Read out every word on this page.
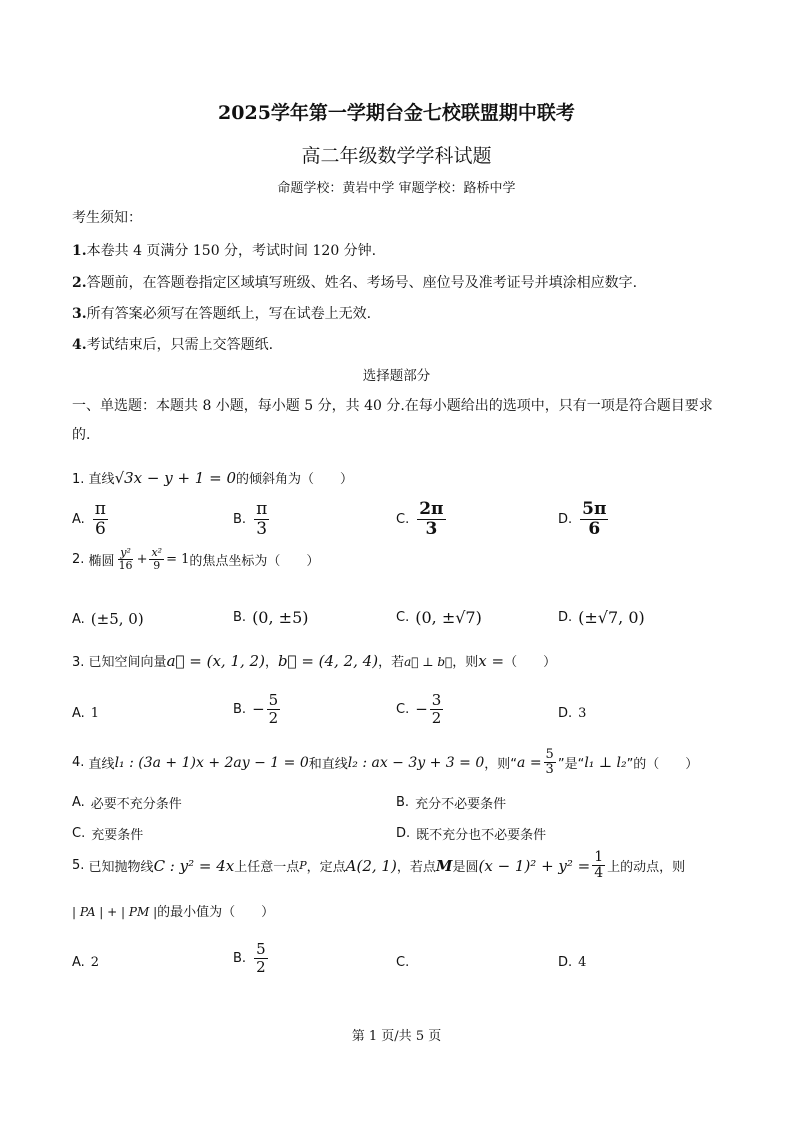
2025学年第一学期台金七校联盟期中联考
高二年级数学学科试题
命题学校：黄岩中学 审题学校：路桥中学
考生须知：
1.本卷共 4 页满分 150 分，考试时间 120 分钟.
2.答题前，在答题卷指定区域填写班级、姓名、考场号、座位号及准考证号并填涂相应数字.
3.所有答案必须写在答题纸上，写在试卷上无效.
4.考试结束后，只需上交答题纸.
选择题部分
一、单选题：本题共 8 小题，每小题 5 分，共 40 分.在每小题给出的选项中，只有一项是符合题目要求的.
1. 直线√3x − y + 1 = 0的倾斜角为（　　）
A. $\frac{\pi}{6}$	B. $\frac{\pi}{3}$	C. $\frac{2\pi}{3}$	D. $\frac{5\pi}{6}$
2.
椭圆 $\frac{\text{y²}}{16} + \frac{\text{x²}}{9} = 1$ 的焦点坐标为（　　）
A. (±5, 0)	B. (0, ±5)	C. (0, ±√7)	D. (±√7, 0)
3. 已知空间向量a⃗ = (x, 1, 2)，b⃗ = (4, 2, 4)，若a⃗ ⊥ b⃗，则x =（　　）
A. 1	B. − $\frac{5}{2}$	C. − $\frac{3}{2}$	D. 3
4.
直线 l₁ : (3a + 1)x + 2ay − 1 = 0 和直线 l₂ : ax − 3y + 3 = 0 ，则“ $a = \frac{5}{3}$ ”是“ l₁ ⊥ l₂ ”的（　　）
A. 必要不充分条件	B. 充分不必要条件
C. 充要条件	D. 既不充分也不必要条件
5.
已知抛物线 C : y² = 4x 上任意一点 P ，定点 A(2, 1) ，若点 M 是圆 $(x - 1)^2 + y^2 = \frac{1}{4}$ 上的动点，则
| PA | + | PM |的最小值为（　　）
A. 2	B. $\frac{5}{2}$	C.	D. 4
第 1 页/共 5 页
